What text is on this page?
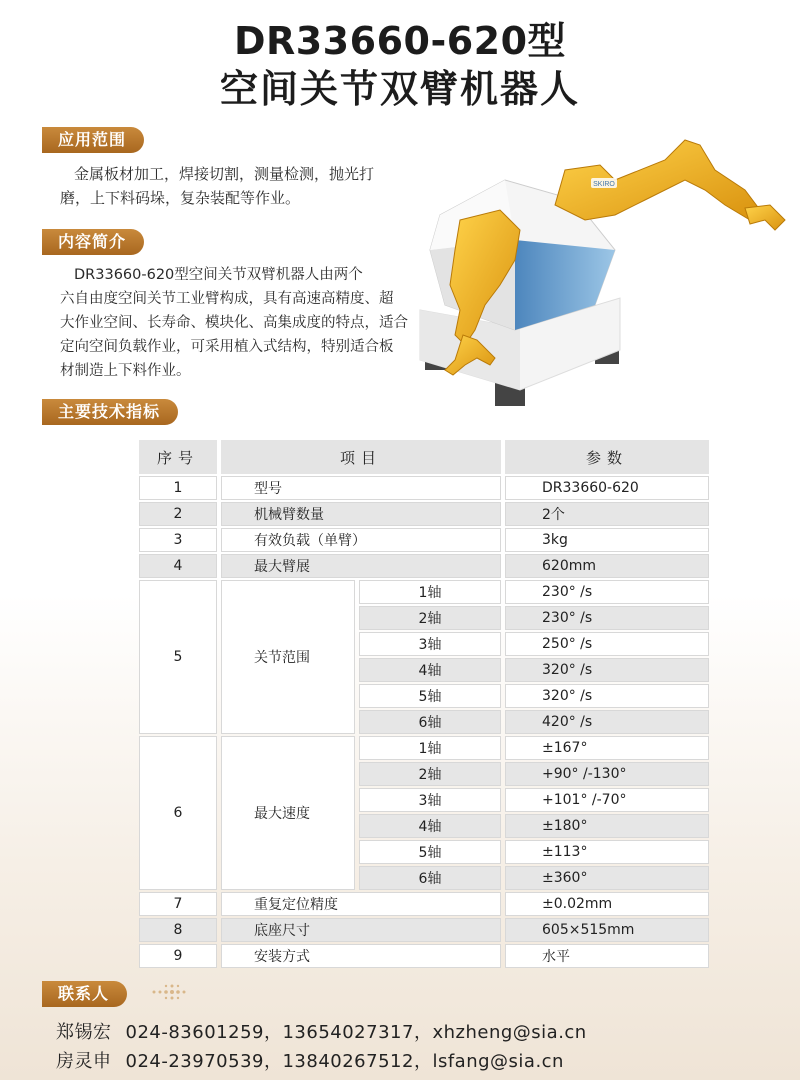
DR33660-620型
空间关节双臂机器人
应用范围
金属板材加工，焊接切割，测量检测，抛光打
磨，上下料码垛，复杂装配等作业。
内容简介
DR33660-620型空间关节双臂机器人由两个
六自由度空间关节工业臂构成，具有高速高精度、超
大作业空间、长寿命、模块化、高集成度的特点，适合
定向空间负载作业，可采用植入式结构，特别适合板
材制造上下料作业。
SKIRO
主要技术指标
序号	项目		参数
1	型号		DR33660-620
2	机械臂数量		2个
3	有效负载（单臂）		3kg
4	最大臂展		620mm
5	关节范围	1轴	230° /s
		2轴	230° /s
		3轴	250° /s
		4轴	320° /s
		5轴	320° /s
		6轴	420° /s
6	最大速度	1轴	±167°
		2轴	+90° /-130°
		3轴	+101° /-70°
		4轴	±180°
		5轴	±113°
		6轴	±360°
7	重复定位精度		±0.02mm
8	底座尺寸		605×515mm
9	安装方式		水平
联系人
郑锡宏 024-83601259，13654027317，xhzheng@sia.cn
房灵申 024-23970539，13840267512，lsfang@sia.cn
